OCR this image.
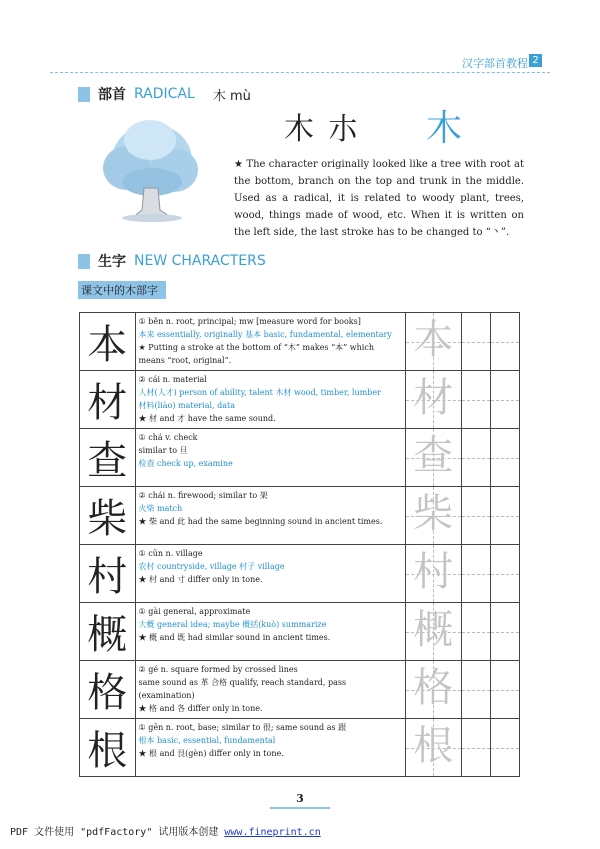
汉字部首教程 2
部首 RADICAL 木 mù
⽊ 朩 木
★ The character originally looked like a tree with root at the bottom, branch on the top and trunk in the middle. Used as a radical, it is related to woody plant, trees, wood, things made of wood, etc. When it is written on the left side, the last stroke has to be changed to “丶”.
生字 NEW CHARACTERS
课文中的木部字
本	① běn n. root, principal; mw [measure word for books]
本来 essentially, originally 基本 basic, fundamental, elementary
★ Putting a stroke at the bottom of “木” makes “本” which means “root, original”.	本		

材	② cái n. material
人材(人才) person of ability, talent 木材 wood, timber, lumber
材料(liào) material, data
★ 材 and 才 have the same sound.	材		

查	① chá v. check
similar to 旦
检查 check up, examine	查		

柴	② chái n. firewood; similar to 架
火柴 match
★ 柴 and 此 had the same beginning sound in ancient times.	柴		

村	① cūn n. village
农村 countryside, village 村子 village
★ 村 and 寸 differ only in tone.	村		

概	① gài general, approximate
大概 general idea; maybe 概括(kuò) summarize
★ 概 and 既 had similar sound in ancient times.	概		

格	② gé n. square formed by crossed lines
same sound as 革 合格 qualify, reach standard, pass (examination)
★ 格 and 各 differ only in tone.	格		

根	① gēn n. root, base; similar to 很; same sound as 跟
根本 basic, essential, fundamental
★ 根 and 艮(gèn) differ only in tone.	根		

3
PDF 文件使用 "pdfFactory" 试用版本创建 www.fineprint.cn
